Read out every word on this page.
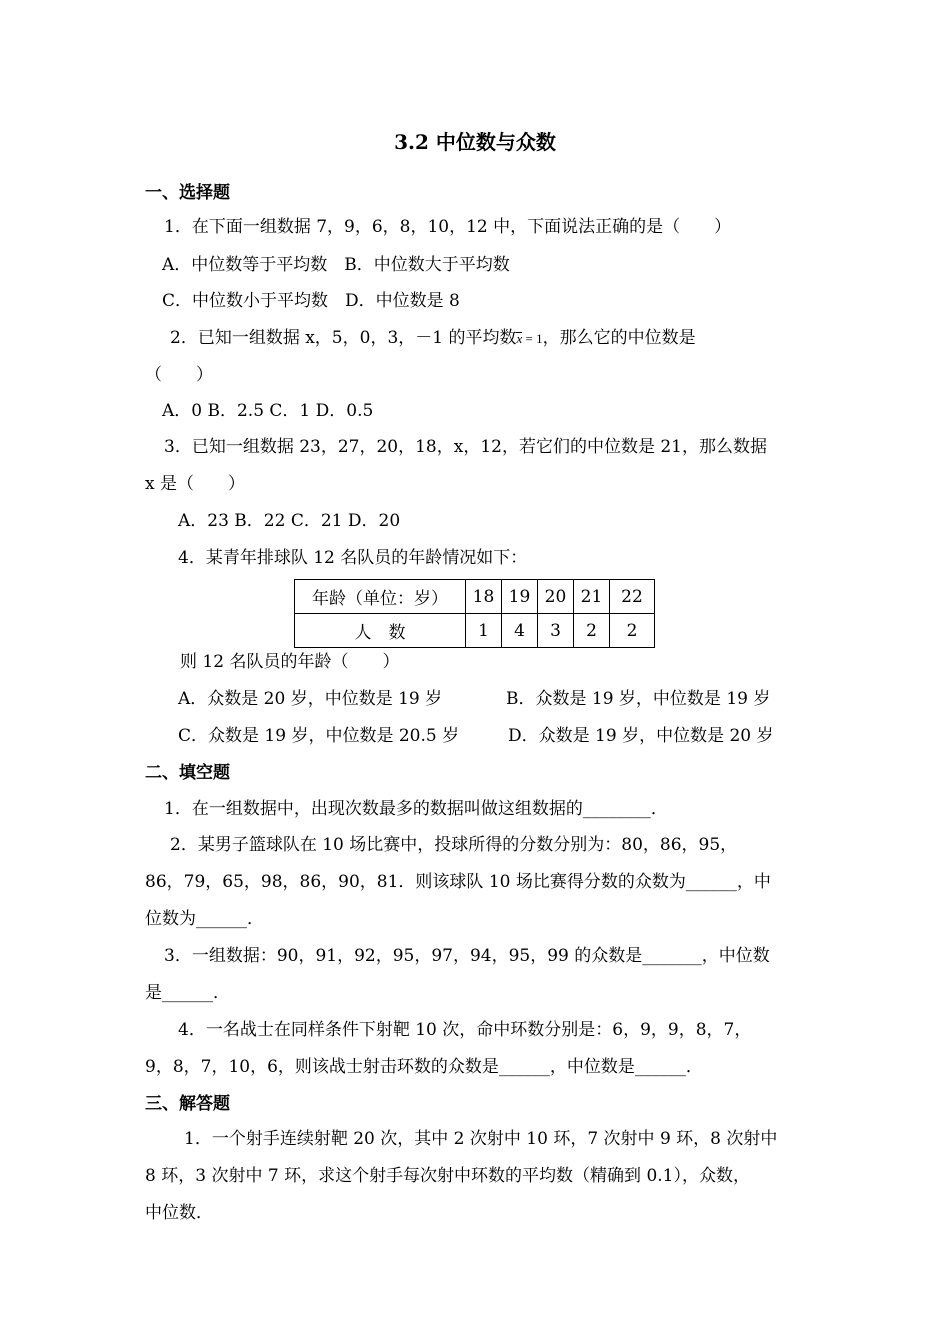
3.2 中位数与众数
一、选择题
1．在下面一组数据 7，9，6，8，10，12 中，下面说法正确的是（　　）
A．中位数等于平均数　B．中位数大于平均数
C．中位数小于平均数　D．中位数是 8
2．已知一组数据 x，5，0，3，－1 的平均数
x = 1，那么它的中位数是
（　　）
A．0 B．2.5 C．1 D．0.5
3．已知一组数据 23，27，20，18，x，12，若它们的中位数是 21，那么数据
x 是（　　）
A．23 B．22 C．21 D．20
4．某青年排球队 12 名队员的年龄情况如下：
年龄（单位：岁）	18	19	20	21	22
人　数	1	4	3	2	2
则 12 名队员的年龄（　　）
A．众数是 20 岁，中位数是 19 岁	B．众数是 19 岁，中位数是 19 岁
C．众数是 19 岁，中位数是 20.5 岁	D．众数是 19 岁，中位数是 20 岁
二、填空题
1．在一组数据中，出现次数最多的数据叫做这组数据的________．
2．某男子篮球队在 10 场比赛中，投球所得的分数分别为：80，86，95，
86，79，65，98，86，90，81．则该球队 10 场比赛得分数的众数为______，中
位数为______．
3．一组数据：90，91，92，95，97，94，95，99 的众数是_______，中位数
是______．
4．一名战士在同样条件下射靶 10 次，命中环数分别是：6，9，9，8，7，
9，8，7，10，6，则该战士射击环数的众数是______，中位数是______．
三、解答题
1．一个射手连续射靶 20 次，其中 2 次射中 10 环，7 次射中 9 环，8 次射中
8 环，3 次射中 7 环，求这个射手每次射中环数的平均数（精确到 0.1），众数，
中位数．
